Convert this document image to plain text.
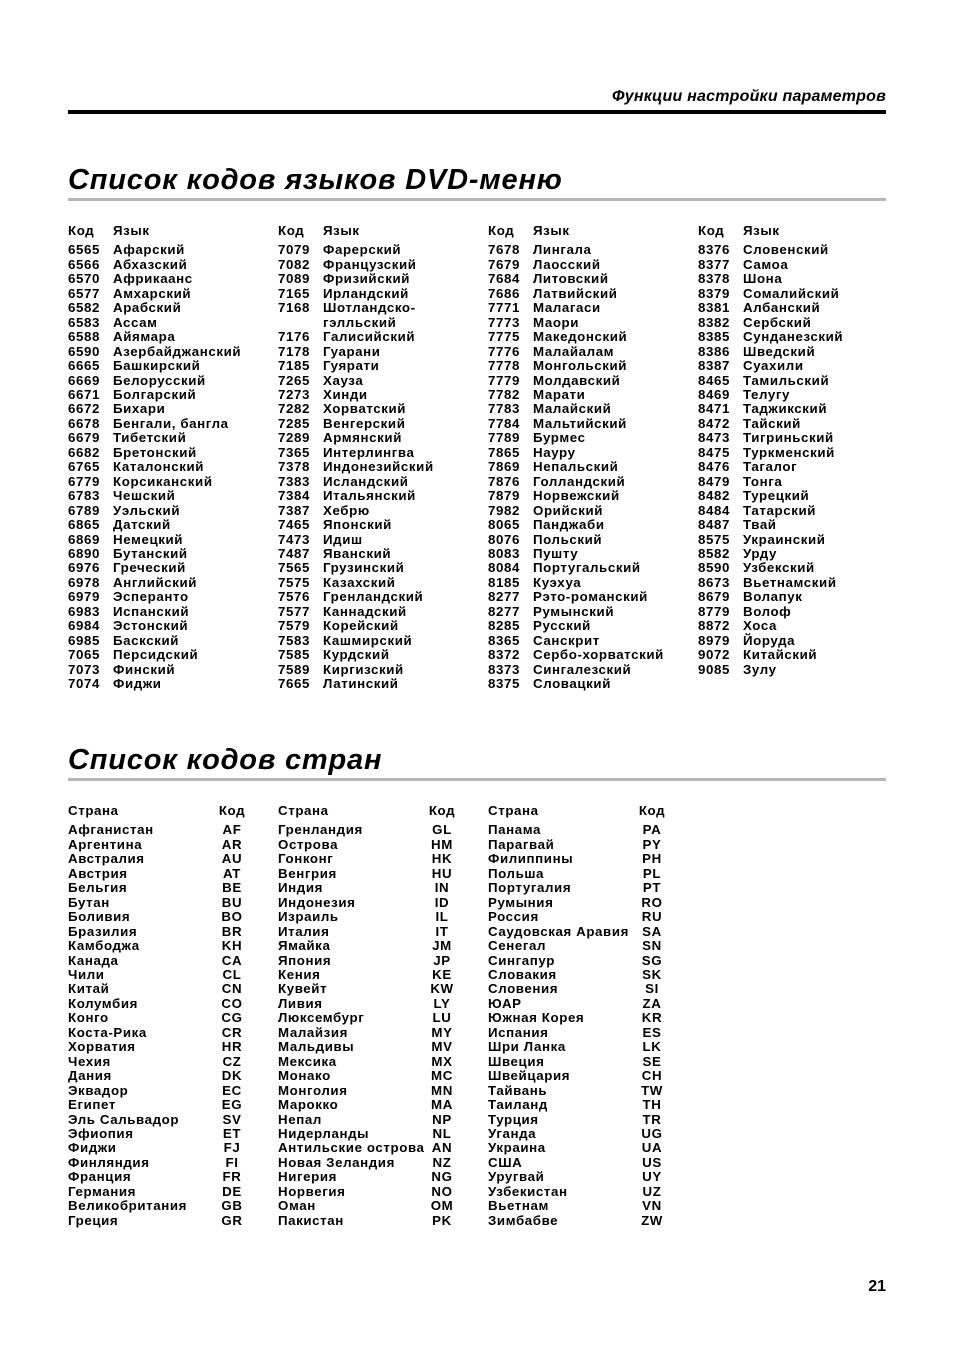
Функции настройки параметров
Список кодов языков DVD-меню
Код	Язык
6565 Афарский
6566 Абхазский
6570 Африкаанс
6577 Амхарский
6582 Арабский
6583 Ассам
6588 Айямара
6590 Азербайджанский
6665 Башкирский
6669 Белорусский
6671 Болгарский
6672 Бихари
6678 Бенгали, бангла
6679 Тибетский
6682 Бретонский
6765 Каталонский
6779 Корсиканский
6783 Чешский
6789 Уэльский
6865 Датский
6869 Немецкий
6890 Бутанский
6976 Греческий
6978 Английский
6979 Эсперанто
6983 Испанский
6984 Эстонский
6985 Баскский
7065 Персидский
7073 Финский
7074 Фиджи
Код	Язык
7079 Фарерский
7082 Французский
7089 Фризийский
7165 Ирландский
7168 Шотландско-
гэлльский
7176 Галисийский
7178 Гуарани
7185 Гуярати
7265 Хауза
7273 Хинди
7282 Хорватский
7285 Венгерский
7289 Армянский
7365 Интерлингва
7378 Индонезийский
7383 Исландский
7384 Итальянский
7387 Хебрю
7465 Японский
7473 Идиш
7487 Яванский
7565 Грузинский
7575 Казахский
7576 Гренландский
7577 Каннадский
7579 Корейский
7583 Кашмирский
7585 Курдский
7589 Киргизский
7665 Латинский
Код	Язык
7678 Лингала
7679 Лаосский
7684 Литовский
7686 Латвийский
7771 Малагаси
7773 Маори
7775 Македонский
7776 Малайалам
7778 Монгольский
7779 Молдавский
7782 Марати
7783 Малайский
7784 Мальтийский
7789 Бурмес
7865 Науру
7869 Непальский
7876 Голландский
7879 Норвежский
7982 Орийский
8065 Панджаби
8076 Польский
8083 Пушту
8084 Португальский
8185 Куэхуа
8277 Рэто-романский
8277 Румынский
8285 Русский
8365 Санскрит
8372 Сербо-хорватский
8373 Сингалезский
8375 Словацкий
Код	Язык
8376 Словенский
8377 Самоа
8378 Шона
8379 Сомалийский
8381 Албанский
8382 Сербский
8385 Сунданезский
8386 Шведский
8387 Суахили
8465 Тамильский
8469 Телугу
8471 Таджикский
8472 Тайский
8473 Тигриньский
8475 Туркменский
8476 Тагалог
8479 Тонга
8482 Турецкий
8484 Татарский
8487 Твай
8575 Украинский
8582 Урду
8590 Узбекский
8673 Вьетнамский
8679 Волапук
8779 Волоф
8872 Хоса
8979 Йоруда
9072 Китайский
9085 Зулу
Список кодов стран
Страна	Код
Афганистан	AF
Аргентина	AR
Австралия	AU
Австрия	AT
Бельгия	BE
Бутан	BU
Боливия	BO
Бразилия	BR
Камбоджа	KH
Канада	CA
Чили	CL
Китай	CN
Колумбия	CO
Конго	CG
Коста-Рика	CR
Хорватия	HR
Чехия	CZ
Дания	DK
Эквадор	EC
Египет	EG
Эль Сальвадор	SV
Эфиопия	ET
Фиджи	FJ
Финляндия	FI
Франция	FR
Германия	DE
Великобритания	GB
Греция	GR
Страна	Код
Гренландия	GL
Острова	HM
Гонконг	HK
Венгрия	HU
Индия	IN
Индонезия	ID
Израиль	IL
Италия	IT
Ямайка	JM
Япония	JP
Кения	KE
Кувейт	KW
Ливия	LY
Люксембург	LU
Малайзия	MY
Мальдивы	MV
Мексика	MX
Монако	MC
Монголия	MN
Марокко	MA
Непал	NP
Нидерланды	NL
Антильские острова AN
Новая Зеландия	NZ
Нигерия	NG
Норвегия	NO
Оман	OM
Пакистан	PK
Страна	Код
Панама	PA
Парагвай	PY
Филиппины	PH
Польша	PL
Португалия	PT
Румыния	RO
Россия	RU
Саудовская Аравия SA
Сенегал	SN
Сингапур	SG
Словакия	SK
Словения	SI
ЮАР	ZA
Южная Корея	KR
Испания	ES
Шри Ланка	LK
Швеция	SE
Швейцария	CH
Тайвань	TW
Таиланд	TH
Турция	TR
Уганда	UG
Украина	UA
США	US
Уругвай	UY
Узбекистан	UZ
Вьетнам	VN
Зимбабве	ZW
21
